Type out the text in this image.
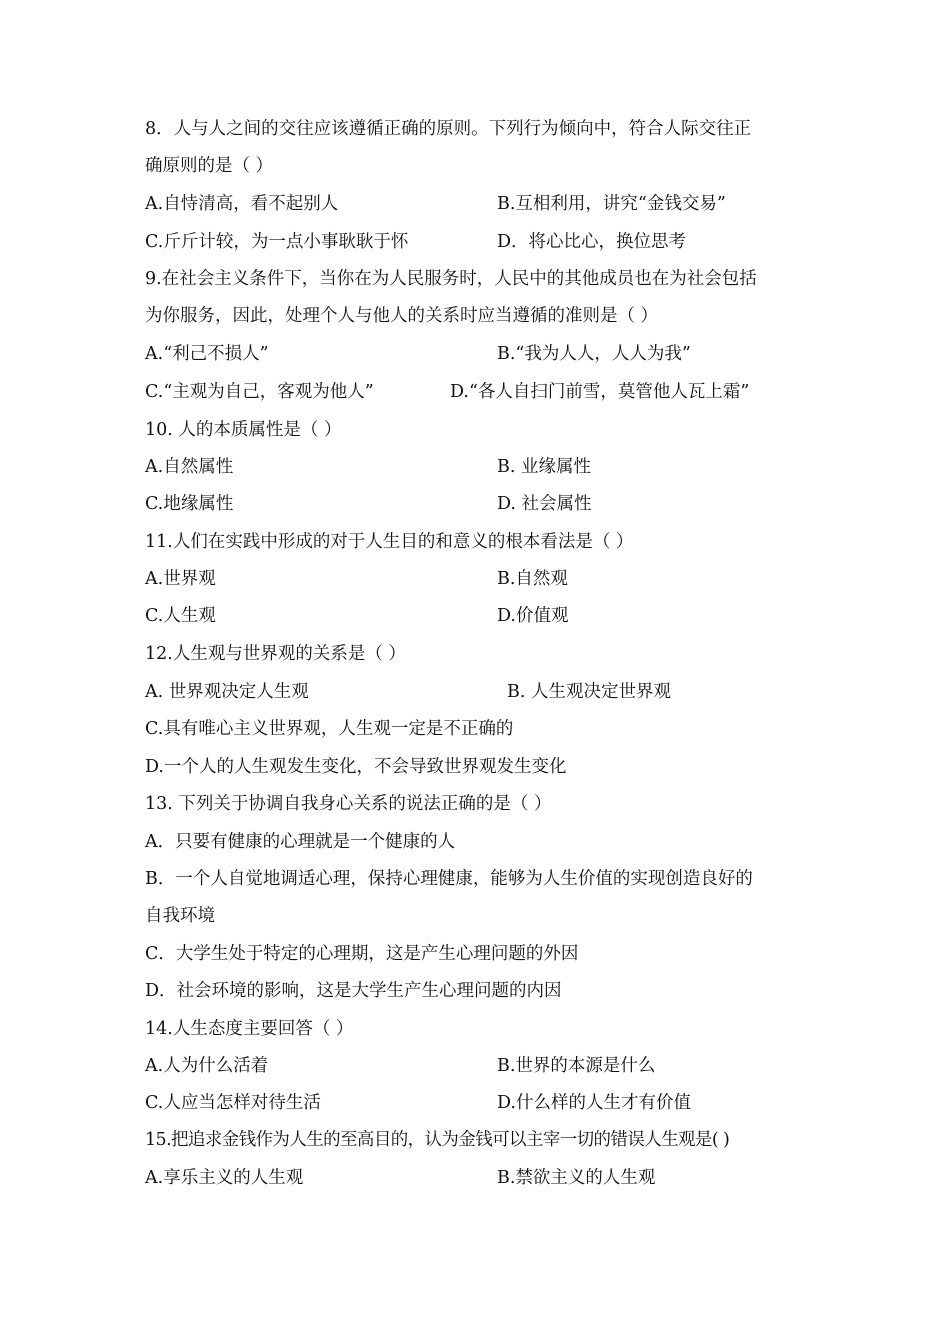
8．人与人之间的交往应该遵循正确的原则。下列行为倾向中，符合人际交往正
确原则的是（ ）
A.自恃清高，看不起别人	B.互相利用，讲究“金钱交易”
C.斤斤计较，为一点小事耿耿于怀	D．将心比心，换位思考
9.在社会主义条件下，当你在为人民服务时，人民中的其他成员也在为社会包括
为你服务，因此，处理个人与他人的关系时应当遵循的准则是（ ）
A.“利己不损人”	B.“我为人人，人人为我”
C.“主观为自己，客观为他人”	D.“各人自扫门前雪，莫管他人瓦上霜”
10. 人的本质属性是（ ）
A.自然属性	B. 业缘属性
C.地缘属性	D. 社会属性
11.人们在实践中形成的对于人生目的和意义的根本看法是（ ）
A.世界观	B.自然观
C.人生观	D.价值观
12.人生观与世界观的关系是（ ）
A. 世界观决定人生观	B. 人生观决定世界观
C.具有唯心主义世界观，人生观一定是不正确的
D.一个人的人生观发生变化，不会导致世界观发生变化
13. 下列关于协调自我身心关系的说法正确的是（ ）
A．只要有健康的心理就是一个健康的人
B．一个人自觉地调适心理，保持心理健康，能够为人生价值的实现创造良好的
自我环境
C．大学生处于特定的心理期，这是产生心理问题的外因
D．社会环境的影响，这是大学生产生心理问题的内因
14.人生态度主要回答（ ）
A.人为什么活着	B.世界的本源是什么
C.人应当怎样对待生活	D.什么样的人生才有价值
15.把追求金钱作为人生的至高目的，认为金钱可以主宰一切的错误人生观是( )
A.享乐主义的人生观	B.禁欲主义的人生观
